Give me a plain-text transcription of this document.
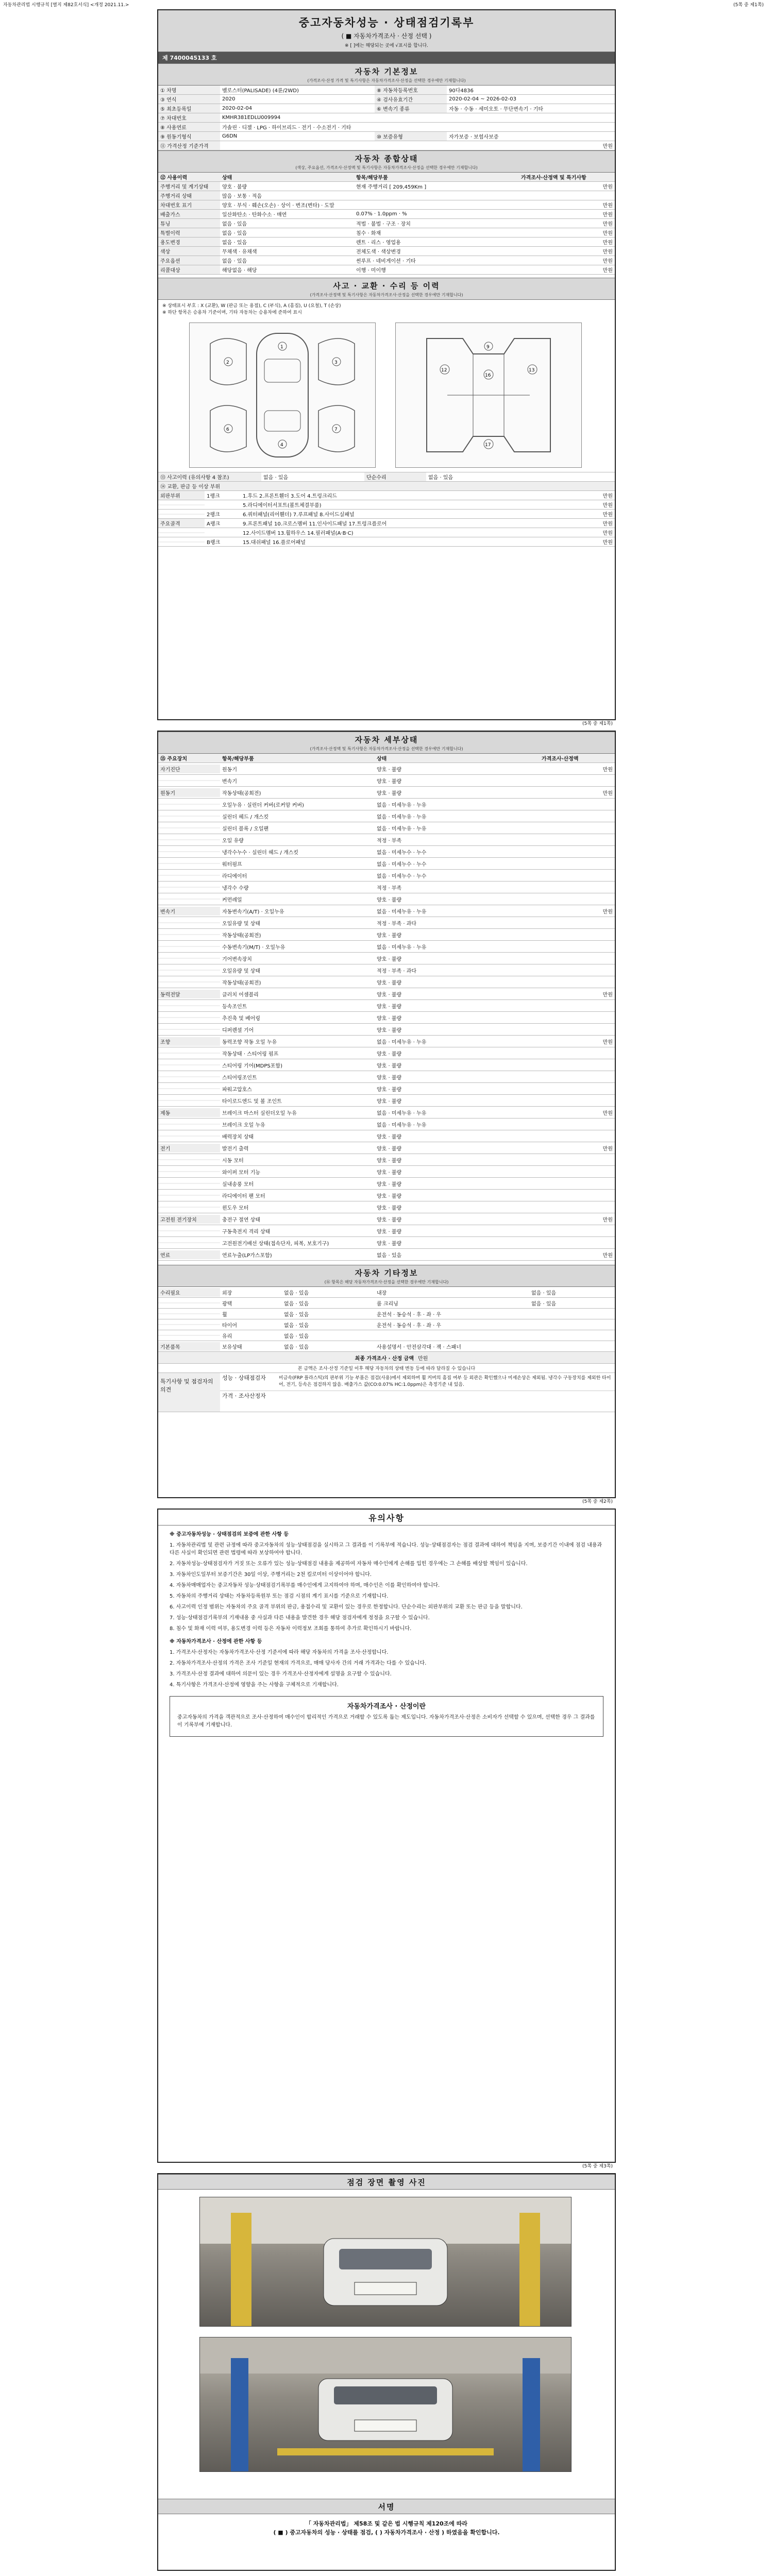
자동차관리법 시행규칙 [별지 제82호서식] <개정 2021.11.>	(5쪽 중 제1쪽)
중고자동차성능 · 상태점검기록부
( ■ 자동차가격조사 · 산정 선택 )
※ [ ]에는 해당되는 곳에 √표시를 합니다.
제 7400045133 호
자동차 기본정보
(가격조사·산정 가격 및 특기사항은 자동차가격조사·산정을 선택한 경우에만 기재합니다)
① 차명	벨로스터(PALISADE) (4륜/2WD)	⑧ 자동차등록번호	90다4836
③ 연식	2020	④ 검사유효기간	2020-02-04 ~ 2026-02-03
⑤ 최초등록일	2020-02-04	⑥ 변속기 종류	자동 · 수동 · 세미오토 · 무단변속기 · 기타
⑦ 차대번호	KMHR381EDLU009994
⑧ 사용연료	가솔린 · 디젤 · LPG · 하이브리드 · 전기 · 수소전기 · 기타
⑨ 원동기형식	G6DN	⑩ 보증유형	자가보증 · 보험사보증
⑪ 가격산정 기준가격	만원
자동차 종합상태
(색상, 주요옵션, 가격조사·산정액 및 특기사항은 자동차가격조사·산정을 선택한 경우에만 기재합니다)
⑫ 사용이력	상태	항목/해당부품	가격조사·산정액 및 특기사항
주행거리 및 계기상태	양호 · 불량	현재 주행거리 [ 209,459Km ]	만원
주행거리 상태	많음 · 보통 · 적음
차대번호 표기	양호 · 부식 · 훼손(오손) · 상이 · 변조(변타) · 도말	만원
배출가스	일산화탄소 · 탄화수소 · 매연	0.07% · 1.0ppm · %	만원
튜닝	없음 · 있음	적법 · 불법 · 구조 · 장치	만원
특별이력	없음 · 있음	침수 · 화재	만원
용도변경	없음 · 있음	렌트 · 리스 · 영업용	만원
색상	무채색 · 유채색	전체도색 · 색상변경	만원
주요옵션	없음 · 있음	썬루프 · 네비게이션 · 기타	만원
리콜대상	해당없음 · 해당	이행 · 미이행	만원
사고 · 교환 · 수리 등 이력
(가격조사·산정액 및 특기사항은 자동차가격조사·산정을 선택한 경우에만 기재합니다)
※ 상태표시 부호 : X (교환), W (판금 또는 용접), C (부식), A (흠집), U (요철), T (손상)
※ 하단 항목은 승용차 기준이며, 기타 자동차는 승용차에 준하여 표시
1
2	3
4
6	7
9
16
12	13
17
⑬ 사고이력 (유의사항 4 참조)	없음 · 있음	단순수리	없음 · 있음
⑭ 교환, 판금 등 이상 부위
외판부위	1랭크	1.후드 2.프론트휀더 3.도어 4.트렁크리드	만원
5.라디에이터서포트(볼트체결부품)	만원
2랭크	6.쿼터패널(리어휀더) 7.루프패널 8.사이드실패널	만원
주요골격	A랭크	9.프론트패널 10.크로스멤버 11.인사이드패널 17.트렁크플로어	만원
12.사이드멤버 13.휠하우스 14.필러패널(A·B·C)	만원
B랭크	15.대쉬패널 16.플로어패널	만원
(5쪽 중 제1쪽)
자동차 세부상태
(가격조사·산정액 및 특기사항은 자동차가격조사·산정을 선택한 경우에만 기재합니다)
⑮ 주요장치	항목/해당부품	상태	가격조사·산정액
자기진단	원동기	양호 · 불량	만원
변속기	양호 · 불량
원동기	작동상태(공회전)	양호 · 불량	만원
오일누유 · 실린더 커버(로커암 커버)	없음 · 미세누유 · 누유
실린더 헤드 / 개스킷	없음 · 미세누유 · 누유
실린더 블록 / 오일팬	없음 · 미세누유 · 누유
오일 유량	적정 · 부족
냉각수누수 · 실린더 헤드 / 개스킷	없음 · 미세누수 · 누수
워터펌프	없음 · 미세누수 · 누수
라디에이터	없음 · 미세누수 · 누수
냉각수 수량	적정 · 부족
커먼레일	양호 · 불량
변속기	자동변속기(A/T) · 오일누유	없음 · 미세누유 · 누유	만원
오일유량 및 상태	적정 · 부족 · 과다
작동상태(공회전)	양호 · 불량
수동변속기(M/T) · 오일누유	없음 · 미세누유 · 누유
기어변속장치	양호 · 불량
오일유량 및 상태	적정 · 부족 · 과다
작동상태(공회전)	양호 · 불량
동력전달	클러치 어셈블리	양호 · 불량	만원
등속조인트	양호 · 불량
추진축 및 베어링	양호 · 불량
디퍼렌셜 기어	양호 · 불량
조향	동력조향 작동 오일 누유	없음 · 미세누유 · 누유	만원
작동상태 · 스티어링 펌프	양호 · 불량
스티어링 기어(MDPS포함)	양호 · 불량
스티어링조인트	양호 · 불량
파워고압호스	양호 · 불량
타이로드엔드 및 볼 조인트	양호 · 불량
제동	브레이크 마스터 실린더오일 누유	없음 · 미세누유 · 누유	만원
브레이크 오일 누유	없음 · 미세누유 · 누유
배력장치 상태	양호 · 불량
전기	발전기 출력	양호 · 불량	만원
시동 모터	양호 · 불량
와이퍼 모터 기능	양호 · 불량
실내송풍 모터	양호 · 불량
라디에이터 팬 모터	양호 · 불량
윈도우 모터	양호 · 불량
고전원 전기장치	충전구 절연 상태	양호 · 불량	만원
구동축전지 격리 상태	양호 · 불량
고전원전기배선 상태(접속단자, 피복, 보호기구)	양호 · 불량
연료	연료누출(LP가스포함)	없음 · 있음	만원
자동차 기타정보
(⑯ 항목은 해당 자동차가격조사·산정을 선택한 경우에만 기재합니다)
수리필요	외장	없음 · 있음	내장	없음 · 있음
광택	없음 · 있음	룸 크리닝	없음 · 있음
휠	없음 · 있음	운전석 · 동승석 · 후 · 좌 · 우
타이어	없음 · 있음	운전석 · 동승석 · 후 · 좌 · 우
유리	없음 · 있음
기본품목	보유상태	없음 · 있음	사용설명서 · 안전삼각대 · 잭 · 스패너
최종 가격조사 · 산정 금액 만원
본 금액은 조사·산정 기준일 이후 해당 자동차의 상태 변동 등에 따라 달라질 수 있습니다
특기사항 및 점검자의 의견
성능 · 상태점검자	비금속(FRP 플라스틱)의 판부위 기능 부품은 점검(사용)에서 제외하며 휠 커버의 흠집 여부 등 외관은 확인했으나 미세손상은 제외됨. 냉각수 구동장치를 제외한 타이어, 전기, 등속은 점검하지 않음. 배출가스 값(CO:0.07% HC:1.0ppm)은 측정기준 내 있음.
가격 · 조사산정자
(5쪽 중 제2쪽)
유의사항

※ 중고자동차성능 · 상태점검의 보증에 관한 사항 등

1. 자동차관리법 및 관련 규정에 따라 중고자동차의 성능·상태점검을 실시하고 그 결과를 이 기록부에 적습니다. 성능·상태점검자는 점검 결과에 대하여 책임을 지며, 보증기간 이내에 점검 내용과 다른 사실이 확인되면 관련 법령에 따라 보상하여야 합니다.

2. 자동차성능·상태점검자가 거짓 또는 오류가 있는 성능·상태점검 내용을 제공하여 자동차 매수인에게 손해를 입힌 경우에는 그 손해를 배상할 책임이 있습니다.

3. 자동차인도일부터 보증기간은 30일 이상, 주행거리는 2천 킬로미터 이상이어야 합니다.

4. 자동차매매업자는 중고자동차 성능·상태점검기록부를 매수인에게 고지하여야 하며, 매수인은 이를 확인하여야 합니다.

5. 자동차의 주행거리 상태는 자동차등록원부 또는 점검 시점의 계기 표시를 기준으로 기재합니다.

6. 사고이력 인정 범위는 자동차의 주요 골격 부위의 판금, 용접수리 및 교환이 있는 경우로 한정합니다. 단순수리는 외판부위의 교환 또는 판금 등을 말합니다.

7. 성능·상태점검기록부의 기재내용 중 사실과 다른 내용을 발견한 경우 해당 점검자에게 정정을 요구할 수 있습니다.

8. 침수 및 화재 이력 여부, 용도변경 이력 등은 자동차 이력정보 조회를 통하여 추가로 확인하시기 바랍니다.

※ 자동차가격조사 · 산정에 관한 사항 등

1. 가격조사·산정자는 자동차가격조사·산정 기준서에 따라 해당 자동차의 가격을 조사·산정합니다.

2. 자동차가격조사·산정의 가격은 조사 기준일 현재의 가격으로, 매매 당사자 간의 거래 가격과는 다를 수 있습니다.

3. 가격조사·산정 결과에 대하여 의문이 있는 경우 가격조사·산정자에게 설명을 요구할 수 있습니다.

4. 특기사항은 가격조사·산정에 영향을 주는 사항을 구체적으로 기재합니다.

자동차가격조사 · 산정이란

중고자동차의 가격을 객관적으로 조사·산정하여 매수인이 합리적인 가격으로 거래할 수 있도록 돕는 제도입니다. 자동차가격조사·산정은 소비자가 선택할 수 있으며, 선택한 경우 그 결과를 이 기록부에 기재합니다.

(5쪽 중 제3쪽)
점검 장면 촬영 사진
서명
「 자동차관리법」 제58조 및 같은 법 시행규칙 제120조에 따라
( ■ ) 중고자동차의 성능 · 상태를 점검, ( ) 자동차가격조사 · 산정 ) 하였음을 확인합니다.
